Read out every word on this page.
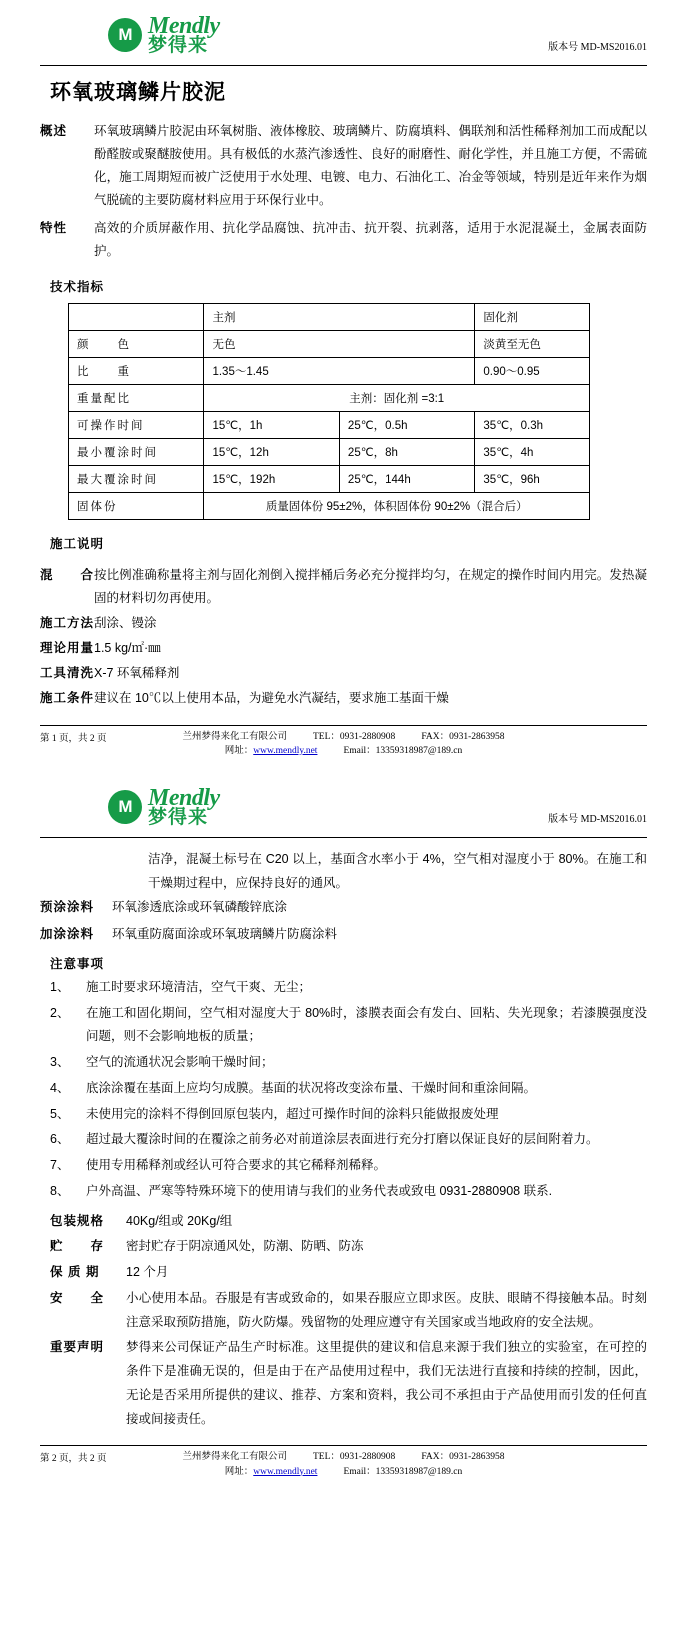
M Mendly
梦得来	版本号 MD-MS2016.01
环氧玻璃鳞片胶泥
概述	环氧玻璃鳞片胶泥由环氧树脂、液体橡胶、玻璃鳞片、防腐填料、偶联剂和活性稀释剂加工而成配以酚醛胺或聚醚胺使用。具有极低的水蒸汽渗透性、良好的耐磨性、耐化学性，并且施工方便，不需硫化，施工周期短而被广泛使用于水处理、电镀、电力、石油化工、冶金等领域，特别是近年来作为烟气脱硫的主要防腐材料应用于环保行业中。
特性	高效的介质屏蔽作用、抗化学品腐蚀、抗冲击、抗开裂、抗剥落，适用于水泥混凝土，金属表面防护。
技术指标
	主剂		固化剂
颜　　色	无色		淡黄至无色
比　　重	1.35～1.45		0.90～0.95
重量配比	主剂：固化剂 =3:1		
可操作时间	15℃，1h	25℃，0.5h	35℃，0.3h
最小覆涂时间	15℃，12h	25℃，8h	35℃，4h
最大覆涂时间	15℃，192h	25℃，144h	35℃，96h
固体份	质量固体份 95±2%，体积固体份 90±2%（混合后）		
施工说明
混　　合 按比例准确称量将主剂与固化剂倒入搅拌桶后务必充分搅拌均匀，在规定的操作时间内用完。发热凝固的材料切勿再使用。
施工方法 刮涂、镘涂
理论用量 1.5 kg/㎡·㎜
工具清洗 X-7 环氧稀释剂
施工条件 建议在 10℃以上使用本品，为避免水汽凝结，要求施工基面干燥
第 1 页，共 2 页	兰州梦得来化工有限公司	TEL：0931-2880908	FAX：0931-2863958
网址：www.mendly.net	Email：13359318987@189.cn
M Mendly
梦得来	版本号 MD-MS2016.01
洁净，混凝土标号在 C20 以上，基面含水率小于 4%，空气相对湿度小于 80%。在施工和干燥期过程中，应保持良好的通风。
预涂涂料	环氧渗透底涂或环氧磷酸锌底涂
加涂涂料	环氧重防腐面涂或环氧玻璃鳞片防腐涂料
注意事项
1、	施工时要求环境清洁，空气干爽、无尘；
2、	在施工和固化期间，空气相对湿度大于 80%时，漆膜表面会有发白、回粘、失光现象；若漆膜强度没问题，则不会影响地板的质量；
3、	空气的流通状况会影响干燥时间；
4、	底涂涂覆在基面上应均匀成膜。基面的状况将改变涂布量、干燥时间和重涂间隔。
5、	未使用完的涂料不得倒回原包装内，超过可操作时间的涂料只能做报废处理
6、	超过最大覆涂时间的在覆涂之前务必对前道涂层表面进行充分打磨以保证良好的层间附着力。
7、	使用专用稀释剂或经认可符合要求的其它稀释剂稀释。
8、	户外高温、严寒等特殊环境下的使用请与我们的业务代表或致电 0931-2880908 联系.
包装规格	40Kg/组或 20Kg/组
贮　　存	密封贮存于阴凉通风处，防潮、防晒、防冻
保 质 期	12 个月
安　　全	小心使用本品。吞服是有害或致命的，如果吞服应立即求医。皮肤、眼睛不得接触本品。时刻注意采取预防措施，防火防爆。残留物的处理应遵守有关国家或当地政府的安全法规。
重要声明	梦得来公司保证产品生产时标准。这里提供的建议和信息来源于我们独立的实验室，在可控的条件下是准确无误的，但是由于在产品使用过程中，我们无法进行直接和持续的控制，因此，无论是否采用所提供的建议、推荐、方案和资料，我公司不承担由于产品使用而引发的任何直接或间接责任。
第 2 页，共 2 页	兰州梦得来化工有限公司	TEL：0931-2880908	FAX：0931-2863958
网址：www.mendly.net	Email：13359318987@189.cn
